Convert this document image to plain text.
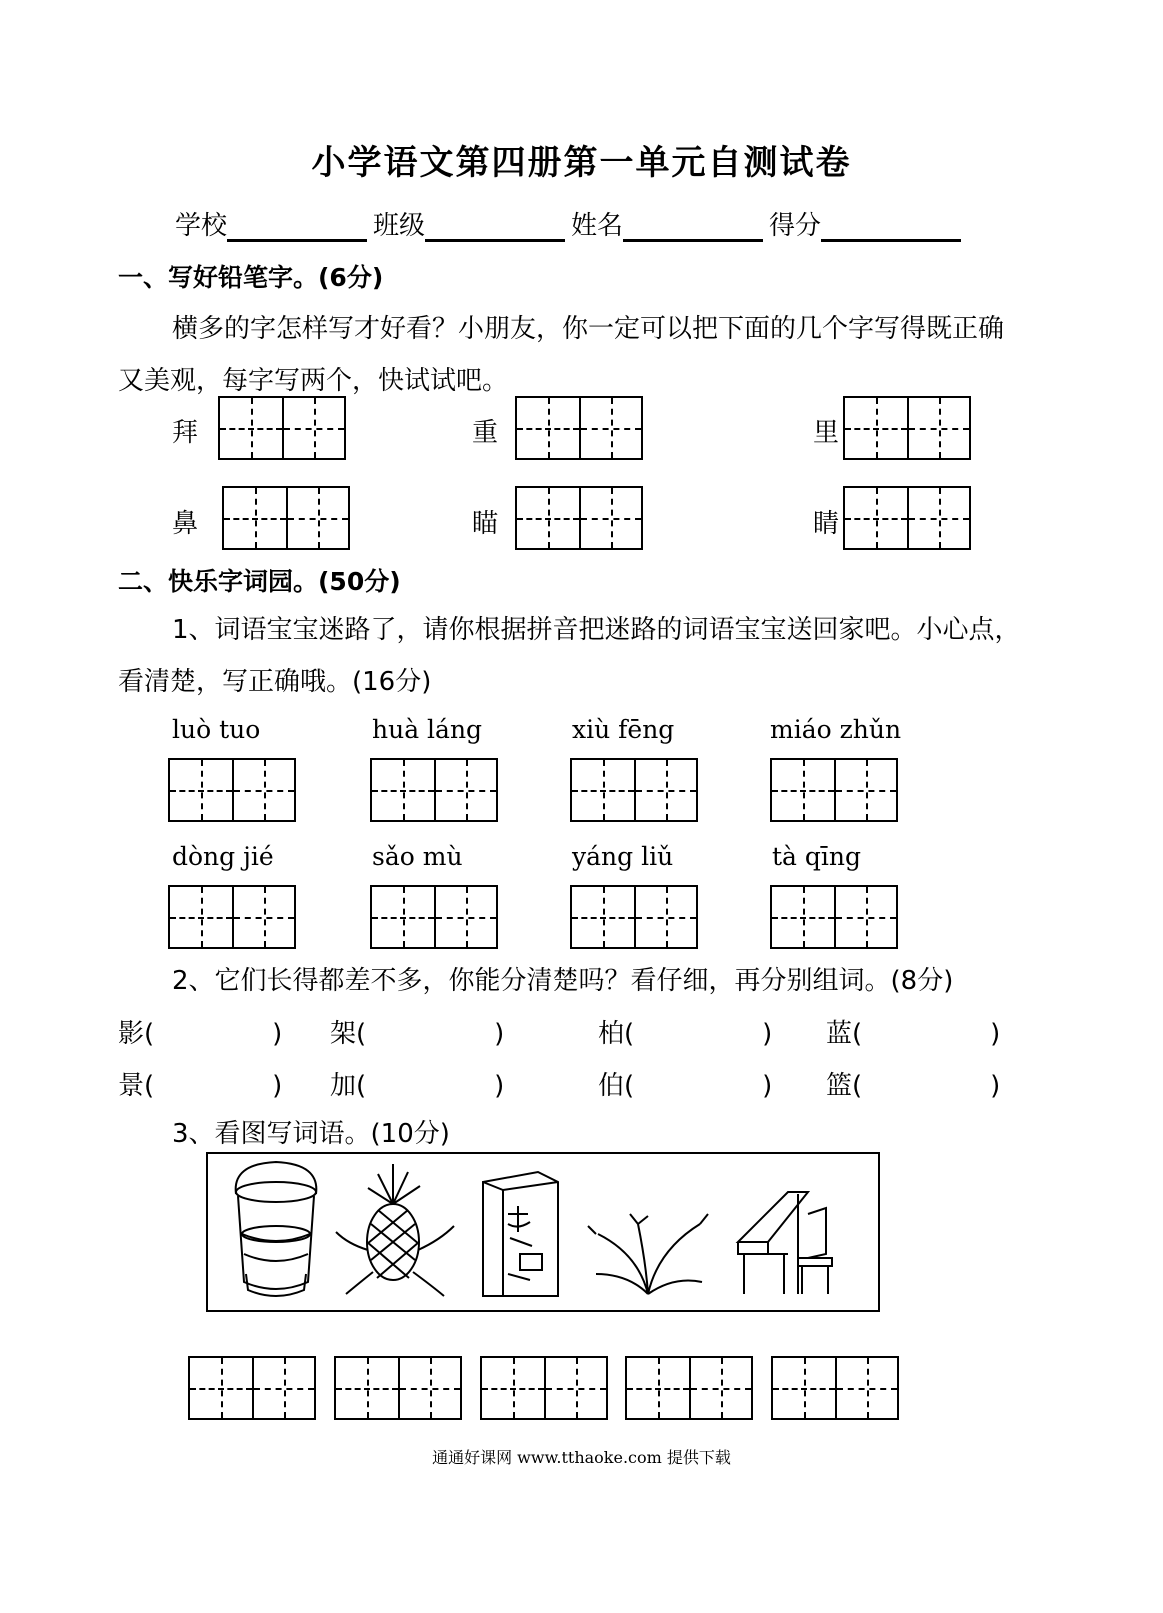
小学语文第四册第一单元自测试卷
学校	班级	姓名	得分
一、写好铅笔字。(6分)
横多的字怎样写才好看？小朋友，你一定可以把下面的几个字写得既正确又美观，每字写两个，快试试吧。
拜	重	里
鼻	瞄	睛
二、快乐字词园。(50分)
1、词语宝宝迷路了，请你根据拼音把迷路的词语宝宝送回家吧。小心点，看清楚，写正确哦。(16分)
luò tuo	huà láng	xiù fēng	miáo zhǔn
dòng jié	sǎo mù	yáng liǔ	tà qīng
2、它们长得都差不多，你能分清楚吗？看仔细，再分别组词。(8分)
影(	)	架(	)	柏(	)	蓝(	)
景(	)	加(	)	伯(	)	篮(	)
3、看图写词语。(10分)
通通好课网 www.tthaoke.com 提供下载
